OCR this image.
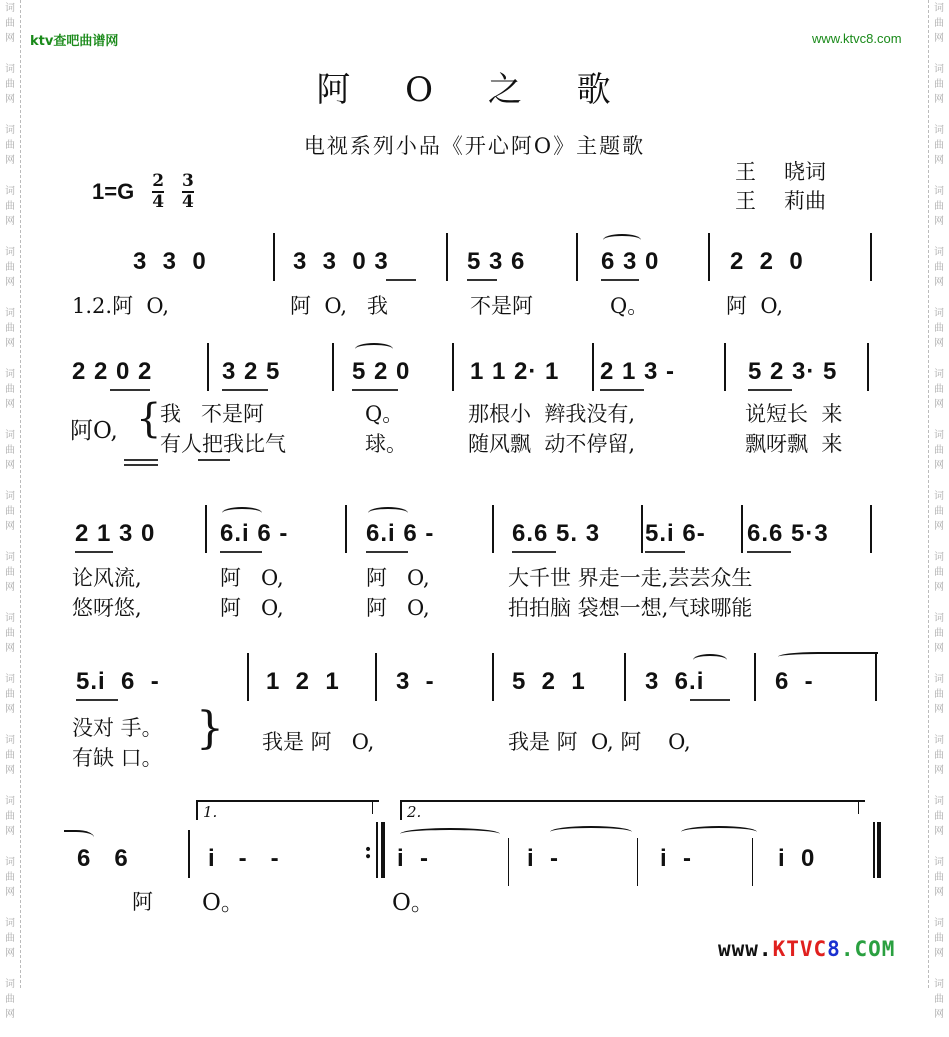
词
曲
网
词
曲
网
词
曲
网
词
曲
网
词
曲
网
词
曲
网
词
曲
网
词
曲
网
词
曲
网
词
曲
网
词
曲
网
词
曲
网
词
曲
网
词
曲
网
词
曲
网
词
曲
网
词
曲
网
词
曲
网
词
曲
网
词
曲
网
词
曲
网
词
曲
网
词
曲
网
词
曲
网
词
曲
网
词
曲
网
词
曲
网
词
曲
网
词
曲
网
词
曲
网
词
曲
网
词
曲
网
词
曲
网
词
曲
网
ktv查吧曲谱网	www.ktvc8.com
阿 O 之 歌
电视系列小品《开心阿O》主题歌
$1=G \frac{2}{4} \frac{3}{4}$	王 晓词
王 莉曲
3  3  0	3  3  0 3	5 3 6	6 3 0	2  2  0
1.2.阿  O,	阿  O,   我	不是阿	Q。	阿  O,
2 2 0 2	3 2 5	5 2 0 1 1 2· 1 2 1 3 -	5 2 3· 5
阿O, {
我   不是阿	Q。	那根小  辫我没有,	说短长  来
有人把我比气	球。	随风飘  动不停留,	飘呀飘  来
2 1 3 0	6.i 6 -	6.i 6 -	6.6 5. 3 5.i 6- 6.6 5·3
论风流,	阿   O,	阿   O,	大千世 界走一走,芸芸众生
悠呀悠,	阿   O,	阿   O,	拍拍脑 袋想一想,气球哪能
5.i  6  -	1  2  1 3  -	5  2  1 3  6.i	6  -
没对 手。
有缺 口。
} 我是 阿   O,	我是 阿  O, 阿    O,
1.	2.
6   6	i   -   -	: i  -	i  -	i  -	i  0
阿 O。	O。
www.KTVC8.COM
